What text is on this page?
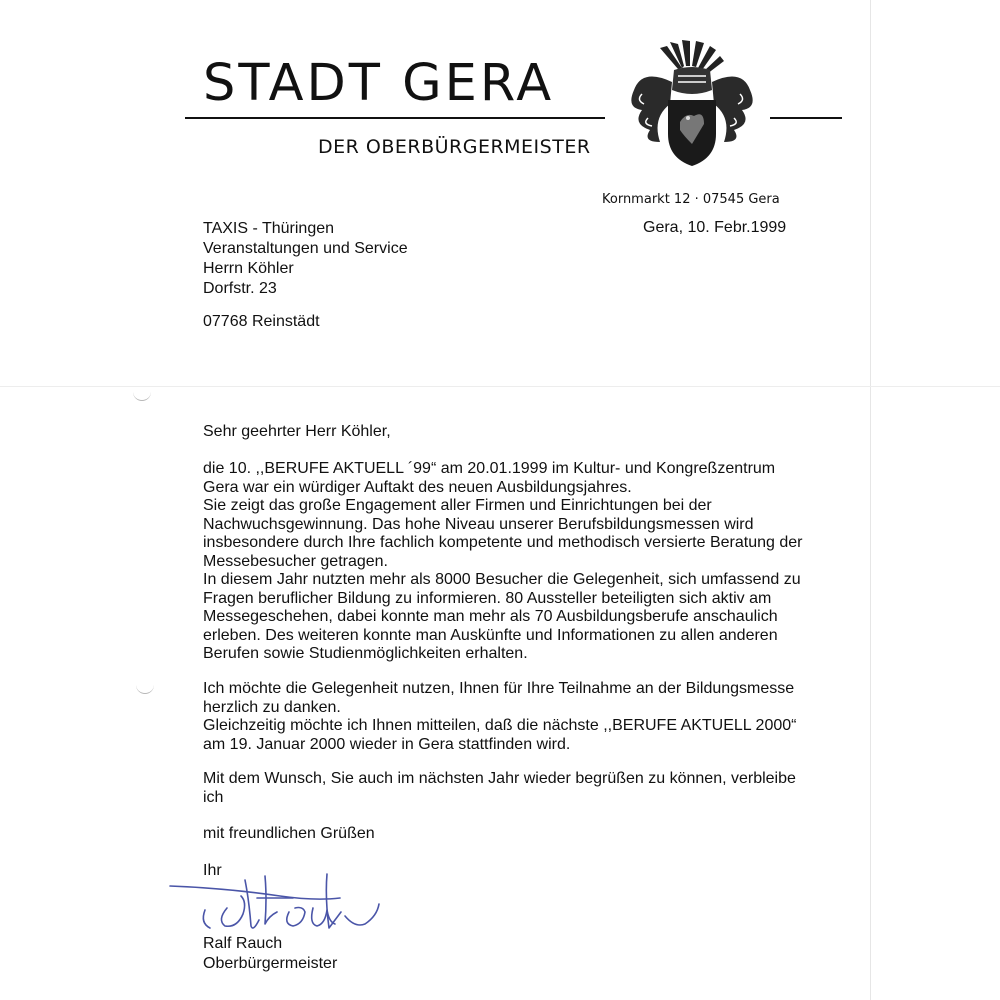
STADT GERA
DER OBERBÜRGERMEISTER
Kornmarkt 12 · 07545 Gera
Gera, 10. Febr.1999
TAXIS - Thüringen
Veranstaltungen und Service
Herrn Köhler
Dorfstr. 23
07768 Reinstädt
Sehr geehrter Herr Köhler,
die 10. ,,BERUFE AKTUELL ´99“ am 20.01.1999 im Kultur- und Kongreßzentrum
Gera war ein würdiger Auftakt des neuen Ausbildungsjahres.
Sie zeigt das große Engagement aller Firmen und Einrichtungen bei der
Nachwuchsgewinnung. Das hohe Niveau unserer Berufsbildungsmessen wird
insbesondere durch Ihre fachlich kompetente und methodisch versierte Beratung der
Messebesucher getragen.
In diesem Jahr nutzten mehr als 8000 Besucher die Gelegenheit, sich umfassend zu
Fragen beruflicher Bildung zu informieren. 80 Aussteller beteiligten sich aktiv am
Messegeschehen, dabei konnte man mehr als 70 Ausbildungsberufe anschaulich
erleben. Des weiteren konnte man Auskünfte und Informationen zu allen anderen
Berufen sowie Studienmöglichkeiten erhalten.
Ich möchte die Gelegenheit nutzen, Ihnen für Ihre Teilnahme an der Bildungsmesse
herzlich zu danken.
Gleichzeitig möchte ich Ihnen mitteilen, daß die nächste ,,BERUFE AKTUELL 2000“
am 19. Januar 2000 wieder in Gera stattfinden wird.
Mit dem Wunsch, Sie auch im nächsten Jahr wieder begrüßen zu können, verbleibe
ich
mit freundlichen Grüßen
Ihr
Ralf Rauch
Oberbürgermeister
